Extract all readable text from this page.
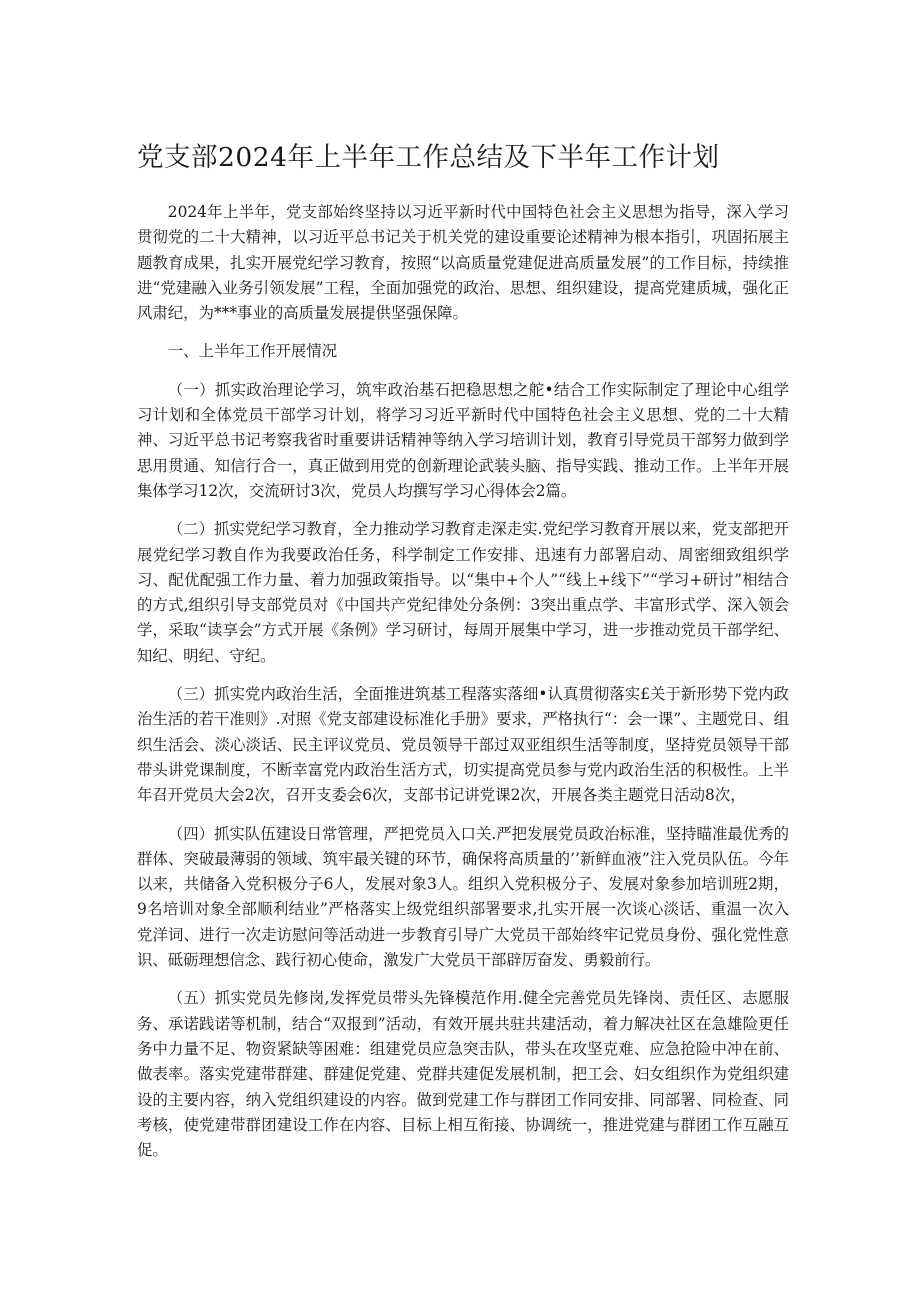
党支部2024年上半年工作总结及下半年工作计划

2024年上半年，党支部始终坚持以习近平新时代中国特色社会主义思想为指导，深入学习贯彻党的二十大精神，以习近平总书记关于机关党的建设重要论述精神为根本指引，巩固拓展主题教育成果，扎实开展党纪学习教育，按照“以高质量党建促进高质量发展”的工作目标，持续推进“党建融入业务引领发展”工程，全面加强党的政治、思想、组织建设，提高党建质城，强化正风肃纪，为***事业的高质量发展提供坚强保障。

一、上半年工作开展情况

（一）抓实政治理论学习，筑牢政治基石把稳思想之舵•结合工作实际制定了理论中心组学习计划和全体党员干部学习计划，将学习习近平新时代中国特色社会主义思想、党的二十大精神、习近平总书记考察我省时重要讲话精神等纳入学习培训计划，教育引导党员干部努力做到学思用贯通、知信行合一，真正做到用党的创新理论武装头脑、指导实践、推动工作。上半年开展集体学习12次，交流研讨3次，党员人均撰写学习心得体会2篇。

（二）抓实党纪学习教育，全力推动学习教育走深走实.党纪学习教育开展以来，党支部把开展党纪学习教自作为我要政治任务，科学制定工作安排、迅速有力部署启动、周密细致组织学习、配优配强工作力量、着力加强政策指导。以“集中+个人”“线上+线下”“学习+研讨”相结合的方式,组织引导支部党员对《中国共产党纪律处分条例：3突出重点学、丰富形式学、深入领会学，采取“读享会”方式开展《条例》学习研讨，每周开展集中学习，进一步推动党员干部学纪、知纪、明纪、守纪。

（三）抓实党内政治生活，全面推进筑基工程落实落细•认真贯彻落实£关于新形势下党内政治生活的若干准则》.对照《党支部建设标准化手册》要求，严格执行“：会一课”、主题党日、组织生活会、淡心淡话、民主评议党员、党员领导干部过双亚组织生活等制度，坚持党员领导干部带头讲党课制度，不断幸富党内政治生活方式，切实提高党员参与党内政治生活的积极性。上半年召开党员大会2次，召开支委会6次，支部书记讲党课2次，开展各类主题党日活动8次，

（四）抓实队伍建设日常管理，严把党员入口关.严把发展党员政治标准，坚持瞄准最优秀的群体、突破最薄弱的领域、筑牢最关键的环节，确保将高质量的’’新鲜血液”注入党员队伍。今年以来，共储备入党积极分子6人，发展对象3人。组织入党积极分子、发展对象参加培训班2期，9名培训对象全部顺利结业”严格落实上级党组织部署要求,扎实开展一次谈心淡话、重温一次入党洋词、进行一次走访慰问等活动进一步教育引导广大党员干部始终牢记党员身份、强化党性意识、砥砺理想信念、践行初心使命，激发广大党员干部辟厉奋发、勇毅前行。

（五）抓实党员先修岗,发挥党员带头先锋模范作用.健全完善党员先锋岗、责任区、志愿服务、承诺践诺等机制，结合“双报到”活动，有效开展共驻共建活动，着力解决社区在急雄险更任务中力量不足、物资紧缺等困难：组建党员应急突击队，带头在攻坚克难、应急抢险中冲在前、做表率。落实党建带群建、群建促党建、党群共建促发展机制，把工会、妇女组织作为党组织建设的主要内容，纳入党组织建设的内容。做到党建工作与群团工作同安排、同部署、同检查、同考核，使党建带群团建设工作在内容、目标上相互衔接、协调统一，推进党建与群团工作互融互促。
